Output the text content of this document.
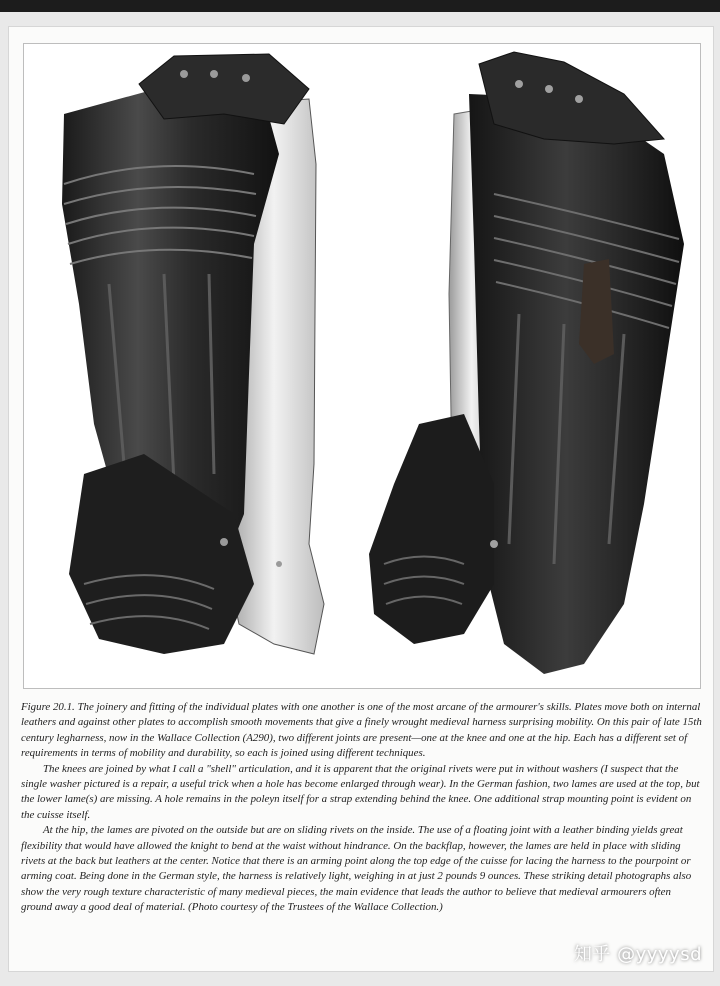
Figure 20.1. The joinery and fitting of the individual plates with one another is one of the most arcane of the armourer's skills. Plates move both on internal leathers and against other plates to accomplish smooth movements that give a finely wrought medieval harness surprising mobility. On this pair of late 15th century legharness, now in the Wallace Collection (A290), two different joints are present—one at the knee and one at the hip. Each has a different set of requirements in terms of mobility and durability, so each is joined using different techniques.

The knees are joined by what I call a "shell" articulation, and it is apparent that the original rivets were put in without washers (I suspect that the single washer pictured is a repair, a useful trick when a hole has become enlarged through wear). In the German fashion, two lames are used at the top, but the lower lame(s) are missing. A hole remains in the poleyn itself for a strap extending behind the knee. One additional strap mounting point is evident on the cuisse itself.

At the hip, the lames are pivoted on the outside but are on sliding rivets on the inside. The use of a floating joint with a leather binding yields great flexibility that would have allowed the knight to bend at the waist without hindrance. On the backflap, however, the lames are held in place with sliding rivets at the back but leathers at the center. Notice that there is an arming point along the top edge of the cuisse for lacing the harness to the pourpoint or arming coat. Being done in the German style, the harness is relatively light, weighing in at just 2 pounds 9 ounces. These striking detail photographs also show the very rough texture characteristic of many medieval pieces, the main evidence that leads the author to believe that medieval armourers often ground away a good deal of material. (Photo courtesy of the Trustees of the Wallace Collection.)

知乎 @yyyysd
